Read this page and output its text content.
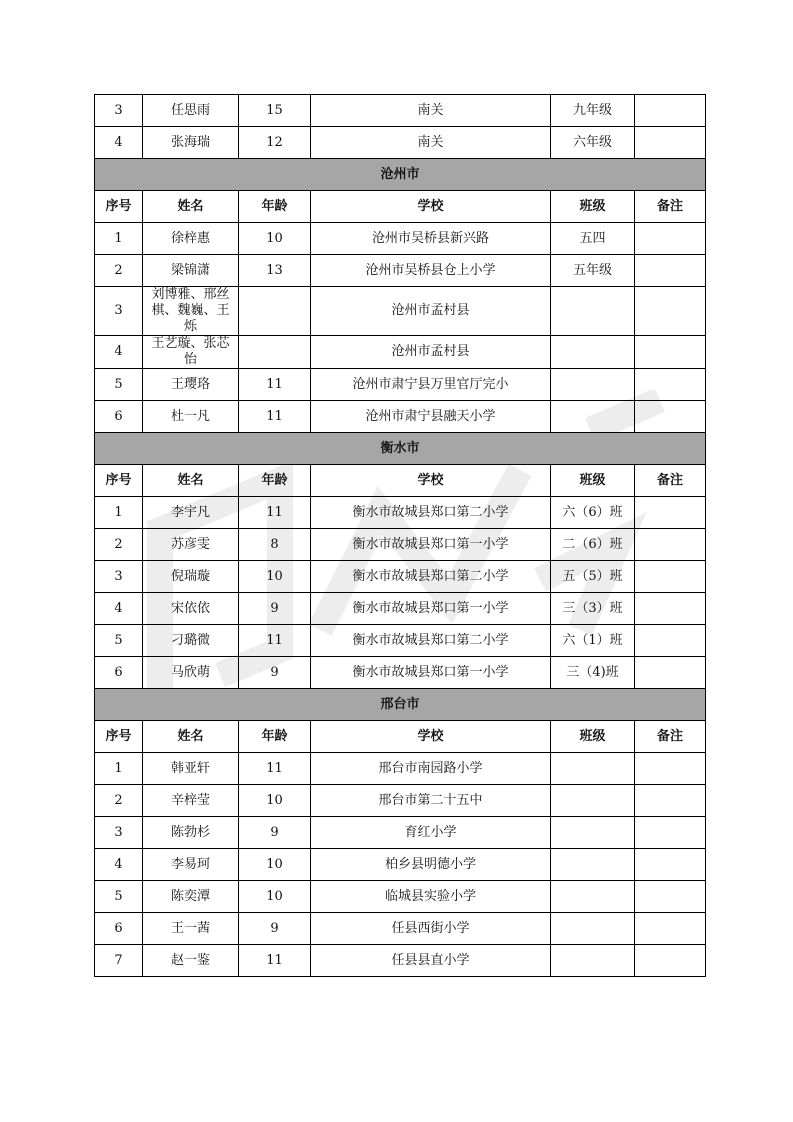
3	任思雨	15	南关	九年级	
4	张海瑞	12	南关	六年级	
沧州市					
序号	姓名	年龄	学校	班级	备注
1	徐梓惠	10	沧州市吴桥县新兴路	五四	
2	梁锦潇	13	沧州市吴桥县仓上小学	五年级	
3	刘博雅、邢丝棋、魏巍、王烁		沧州市孟村县		
4	王艺璇、张芯怡		沧州市孟村县		
5	王璎珞	11	沧州市肃宁县万里官厅完小		
6	杜一凡	11	沧州市肃宁县融天小学		
衡水市					
序号	姓名	年龄	学校	班级	备注
1	李宇凡	11	衡水市故城县郑口第二小学	六（6）班	
2	苏彦雯	8	衡水市故城县郑口第一小学	二（6）班	
3	倪瑞璇	10	衡水市故城县郑口第二小学	五（5）班	
4	宋依依	9	衡水市故城县郑口第一小学	三（3）班	
5	刁璐微	11	衡水市故城县郑口第二小学	六（1）班	
6	马欣萌	9	衡水市故城县郑口第一小学	三（4)班	
邢台市					
序号	姓名	年龄	学校	班级	备注
1	韩亚轩	11	邢台市南园路小学		
2	辛梓莹	10	邢台市第二十五中		
3	陈勃杉	9	育红小学		
4	李易珂	10	柏乡县明德小学		
5	陈奕潭	10	临城县实验小学		
6	王一茜	9	任县西街小学		
7	赵一鉴	11	任县县直小学		
